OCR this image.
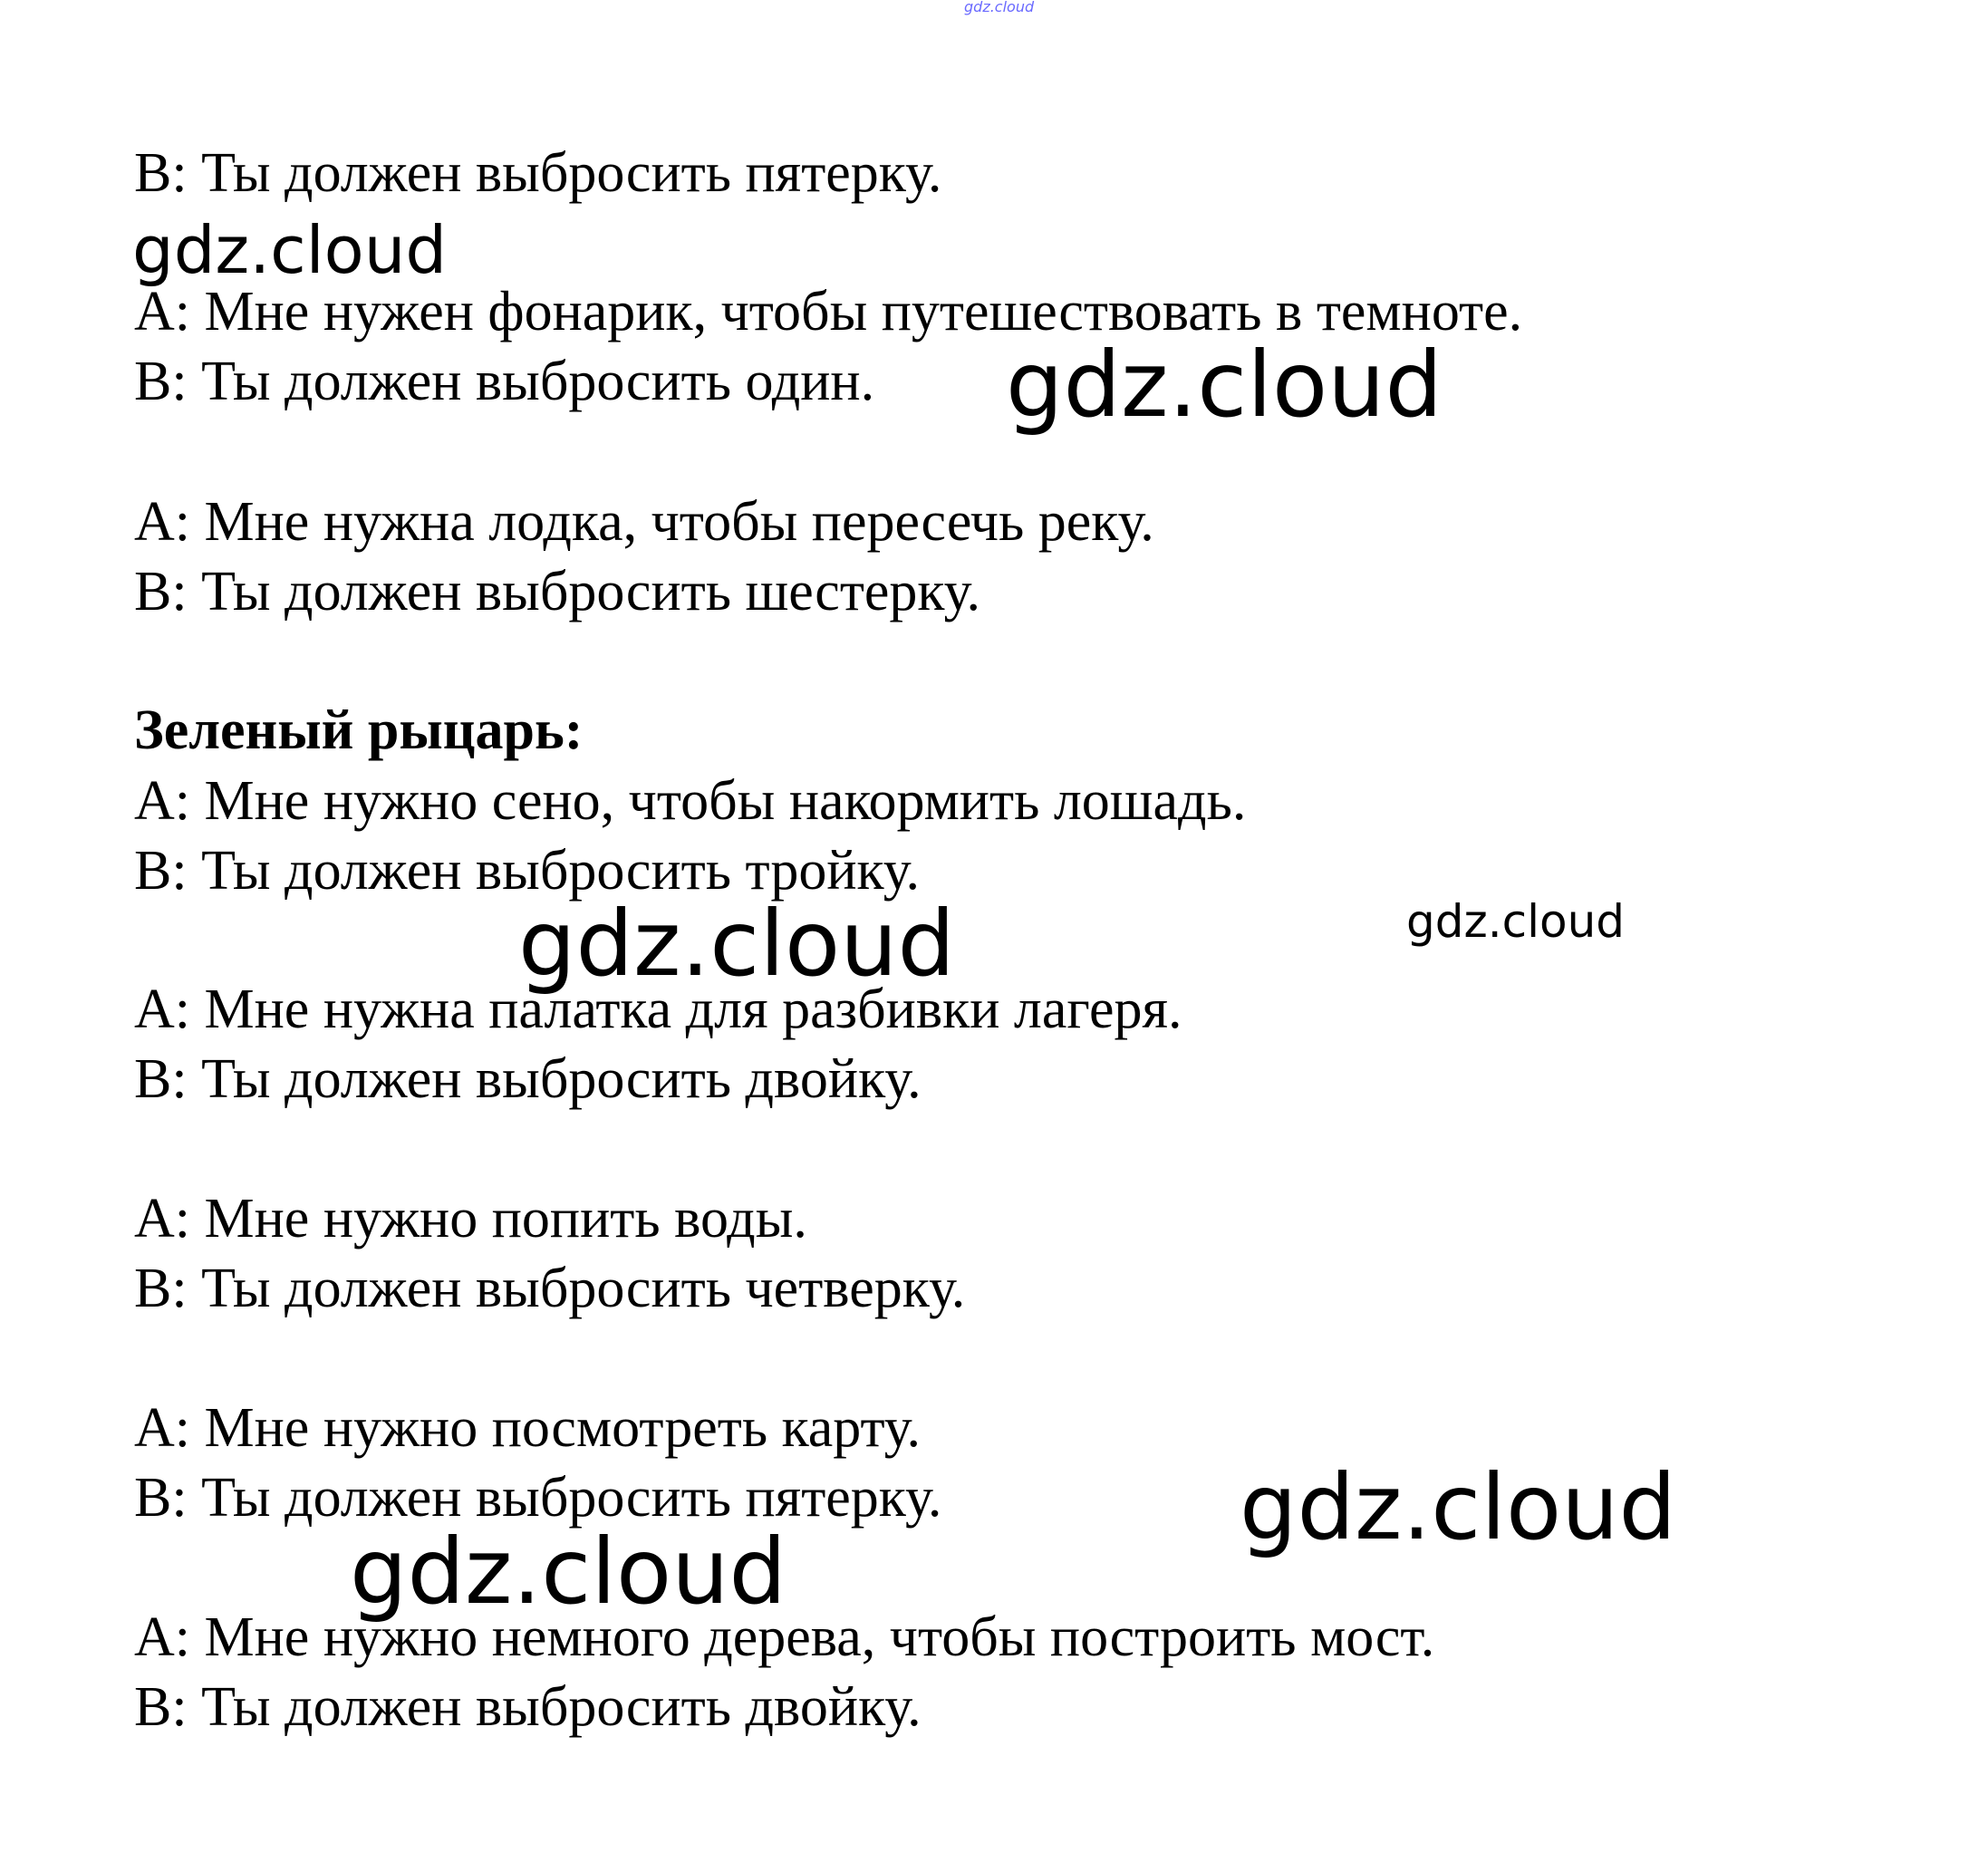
gdz.cloud
B: Ты должен выбросить пятерку.
A: Мне нужен фонарик, чтобы путешествовать в темноте.
B: Ты должен выбросить один.
A: Мне нужна лодка, чтобы пересечь реку.
B: Ты должен выбросить шестерку.
Зеленый рыцарь:
A: Мне нужно сено, чтобы накормить лошадь.
B: Ты должен выбросить тройку.
A: Мне нужна палатка для разбивки лагеря.
B: Ты должен выбросить двойку.
A: Мне нужно попить воды.
B: Ты должен выбросить четверку.
A: Мне нужно посмотреть карту.
B: Ты должен выбросить пятерку.
A: Мне нужно немного дерева, чтобы построить мост.
B: Ты должен выбросить двойку.
gdz.cloud
gdz.cloud
gdz.cloud	gdz.cloud
gdz.cloud
gdz.cloud
